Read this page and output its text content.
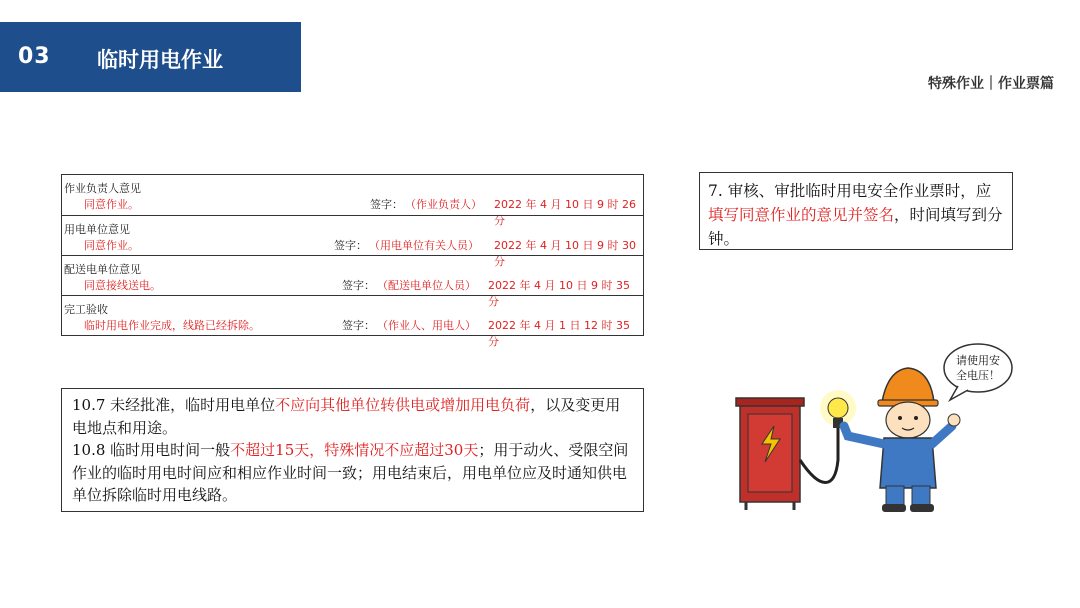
03 临时用电作业
特殊作业｜作业票篇
作业负责人意见
同意作业。	签字： （作业负责人） 2022 年 4 月 10 日 9 时 26 分
用电单位意见
同意作业。	签字： （用电单位有关人员） 2022 年 4 月 10 日 9 时 30 分
配送电单位意见
同意接线送电。	签字： （配送电单位人员） 2022 年 4 月 10 日 9 时 35 分
完工验收
临时用电作业完成，线路已经拆除。	签字： （作业人、用电人） 2022 年 4 月 1 日 12 时 35 分
7. 审核、审批临时用电安全作业票时，应填写同意作业的意见并签名，时间填写到分钟。

10.7 未经批准，临时用电单位不应向其他单位转供电或增加用电负荷，以及变更用电地点和用途。

10.8 临时用电时间一般不超过15天，特殊情况不应超过30天；用于动火、受限空间作业的临时用电时间应和相应作业时间一致；用电结束后，用电单位应及时通知供电单位拆除临时用电线路。

请使用安
全电压！
